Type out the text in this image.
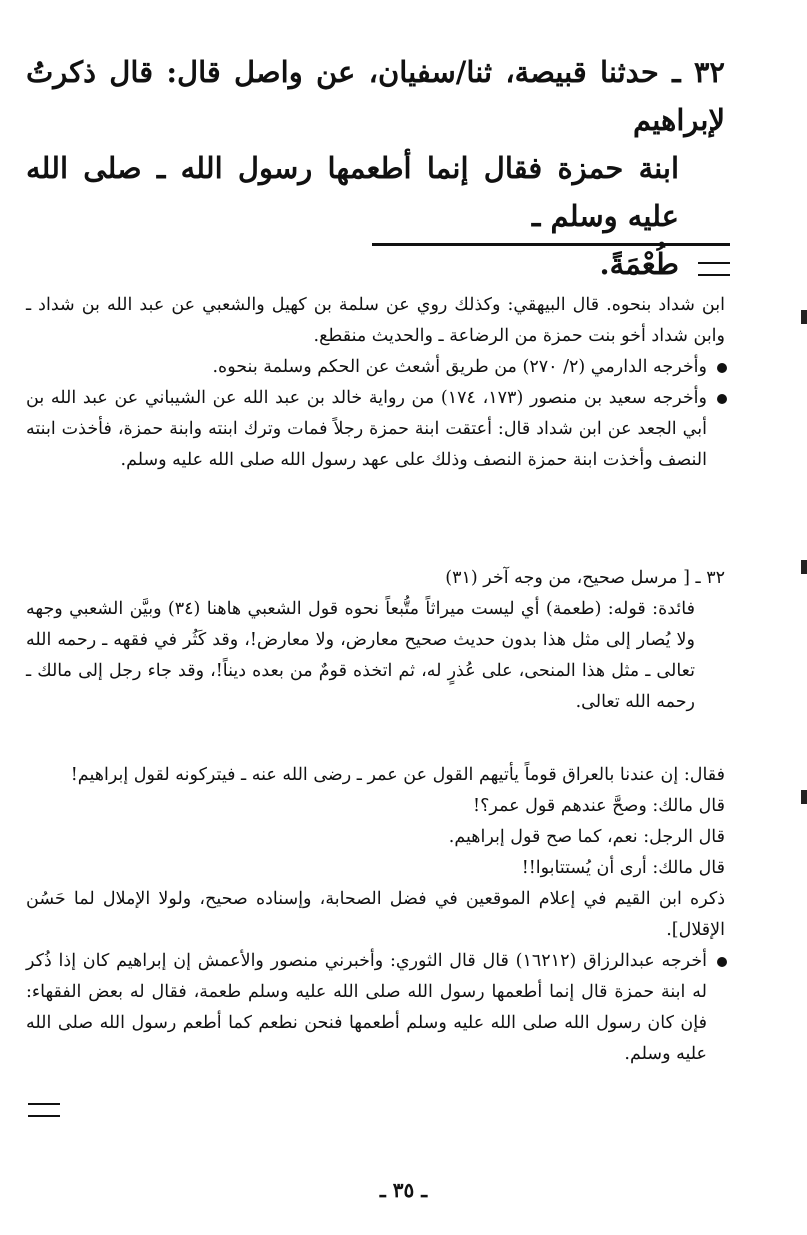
٣٢ ـ حدثنا قبيصة، ثنا/سفيان، عن واصل قال: قال ذكرتُ لإبراهيم

ابنة حمزة فقال إنما أطعمها رسول الله ـ صلى الله عليه وسلم ـ

طُعْمَةً.

ابن شداد بنحوه. قال البيهقي: وكذلك روي عن سلمة بن كهيل والشعبي عن عبد الله بن شداد ـ وابن شداد أخو بنت حمزة من الرضاعة ـ والحديث منقطع.

وأخرجه الدارمي (٢/ ٢٧٠) من طريق أشعث عن الحكم وسلمة بنحوه.

وأخرجه سعيد بن منصور (١٧٣، ١٧٤) من رواية خالد بن عبد الله عن الشيباني عن عبد الله بن أبي الجعد عن ابن شداد قال: أعتقت ابنة حمزة رجلاً فمات وترك ابنته وابنة حمزة، فأخذت ابنته النصف وأخذت ابنة حمزة النصف وذلك على عهد رسول الله صلى الله عليه وسلم.

٣٢ ـ [ مرسل صحيح، من وجه آخر (٣١)

فائدة: قوله: (طعمة) أي ليست ميراثاً متُّبعاً نحوه قول الشعبي هاهنا (٣٤) وبيَّن الشعبي وجهه ولا يُصار إلى مثل هذا بدون حديث صحيح معارض، ولا معارض!، وقد كَثُر في فقهه ـ رحمه الله تعالى ـ مثل هذا المنحى، على عُذرٍ له، ثم اتخذه قومٌ من بعده ديناً!، وقد جاء رجل إلى مالك ـ رحمه الله تعالى.

فقال: إن عندنا بالعراق قوماً يأتيهم القول عن عمر ـ رضى الله عنه ـ فيتركونه لقول إبراهيم!

قال مالك: وصحَّ عندهم قول عمر؟!

قال الرجل: نعم، كما صح قول إبراهيم.

قال مالك: أرى أن يُستتابوا!!

ذكره ابن القيم في إعلام الموقعين في فضل الصحابة، وإسناده صحيح، ولولا الإملال لما حَسُن الإقلال].

أخرجه عبدالرزاق (١٦٢١٢) قال قال الثوري: وأخبرني منصور والأعمش إن إبراهيم كان إذا ذُكر له ابنة حمزة قال إنما أطعمها رسول الله صلى الله عليه وسلم طعمة، فقال له بعض الفقهاء: فإن كان رسول الله صلى الله عليه وسلم أطعمها فنحن نطعم كما أطعم رسول الله صلى الله عليه وسلم.

ـ ٣٥ ـ
